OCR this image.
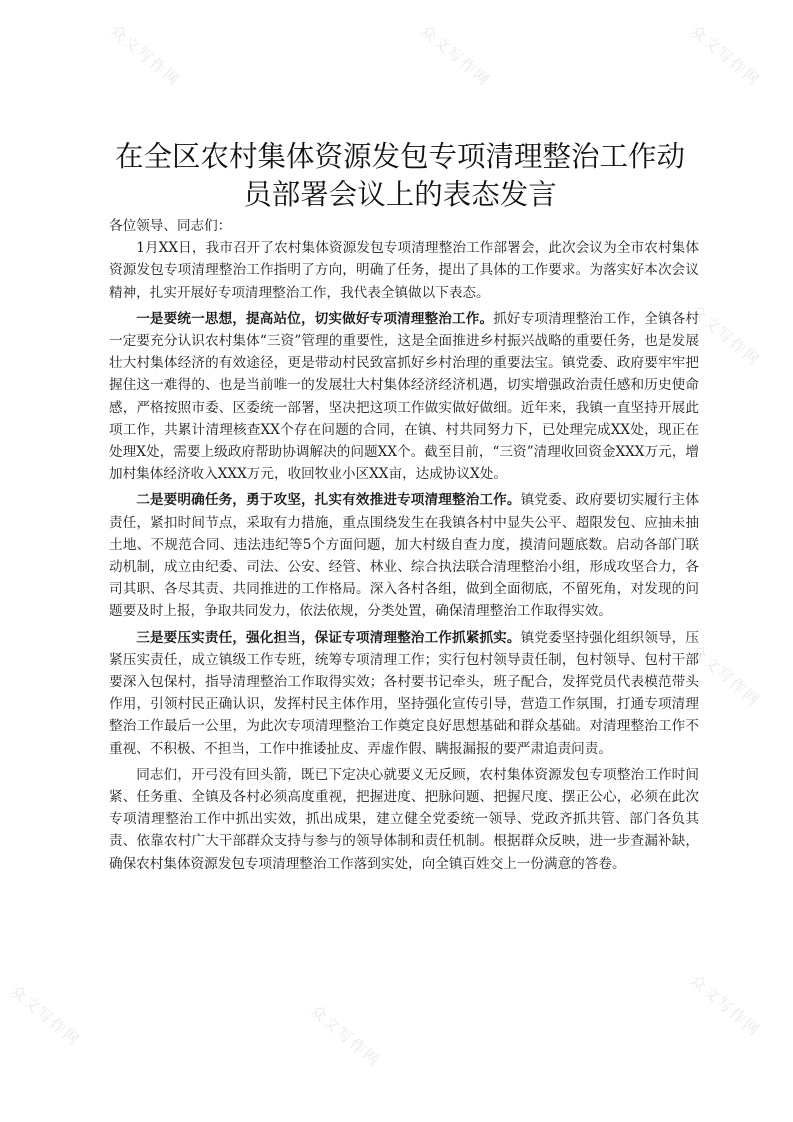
众文写作网	众文写作网	众文写作网
众文写作网
众文写作网
众文写作网
众文写作网	众文写作网
在全区农村集体资源发包专项清理整治工作动
员部署会议上的表态发言

各位领导、同志们：

1月XX日，我市召开了农村集体资源发包专项清理整治工作部署会，此次会议为全市农村集体资源发包专项清理整治工作指明了方向，明确了任务，提出了具体的工作要求。为落实好本次会议精神，扎实开展好专项清理整治工作，我代表全镇做以下表态。

一是要统一思想，提高站位，切实做好专项清理整治工作。抓好专项清理整治工作，全镇各村一定要充分认识农村集体“三资”管理的重要性，这是全面推进乡村振兴战略的重要任务，也是发展壮大村集体经济的有效途径，更是带动村民致富抓好乡村治理的重要法宝。镇党委、政府要牢牢把握住这一难得的、也是当前唯一的发展壮大村集体经济经济机遇，切实增强政治责任感和历史使命感，严格按照市委、区委统一部署，坚决把这项工作做实做好做细。近年来，我镇一直坚持开展此项工作，共累计清理核查XX个存在问题的合同，在镇、村共同努力下，已处理完成XX处，现正在处理X处，需要上级政府帮助协调解决的问题XX个。截至目前，“三资”清理收回资金XXX万元，增加村集体经济收入XXX万元，收回牧业小区XX亩，达成协议X处。

二是要明确任务，勇于攻坚，扎实有效推进专项清理整治工作。镇党委、政府要切实履行主体责任，紧扣时间节点，采取有力措施，重点围绕发生在我镇各村中显失公平、超限发包、应抽未抽土地、不规范合同、违法违纪等5个方面问题，加大村级自查力度，摸清问题底数。启动各部门联动机制，成立由纪委、司法、公安、经管、林业、综合执法联合清理整治小组，形成攻坚合力，各司其职、各尽其责、共同推进的工作格局。深入各村各组，做到全面彻底，不留死角，对发现的问题要及时上报，争取共同发力，依法依规，分类处置，确保清理整治工作取得实效。

三是要压实责任，强化担当，保证专项清理整治工作抓紧抓实。镇党委坚持强化组织领导，压紧压实责任，成立镇级工作专班，统筹专项清理工作；实行包村领导责任制，包村领导、包村干部要深入包保村，指导清理整治工作取得实效；各村要书记牵头，班子配合，发挥党员代表模范带头作用，引领村民正确认识，发挥村民主体作用，坚持强化宣传引导，营造工作氛围，打通专项清理整治工作最后一公里，为此次专项清理整治工作奠定良好思想基础和群众基础。对清理整治工作不重视、不积极、不担当，工作中推诿扯皮、弄虚作假、瞒报漏报的要严肃追责问责。

同志们，开弓没有回头箭，既已下定决心就要义无反顾，农村集体资源发包专项整治工作时间紧、任务重、全镇及各村必须高度重视，把握进度、把脉问题、把握尺度、摆正公心，必须在此次专项清理整治工作中抓出实效，抓出成果，建立健全党委统一领导、党政齐抓共管、部门各负其责、依靠农村广大干部群众支持与参与的领导体制和责任机制。根据群众反映，进一步查漏补缺，确保农村集体资源发包专项清理整治工作落到实处，向全镇百姓交上一份满意的答卷。
